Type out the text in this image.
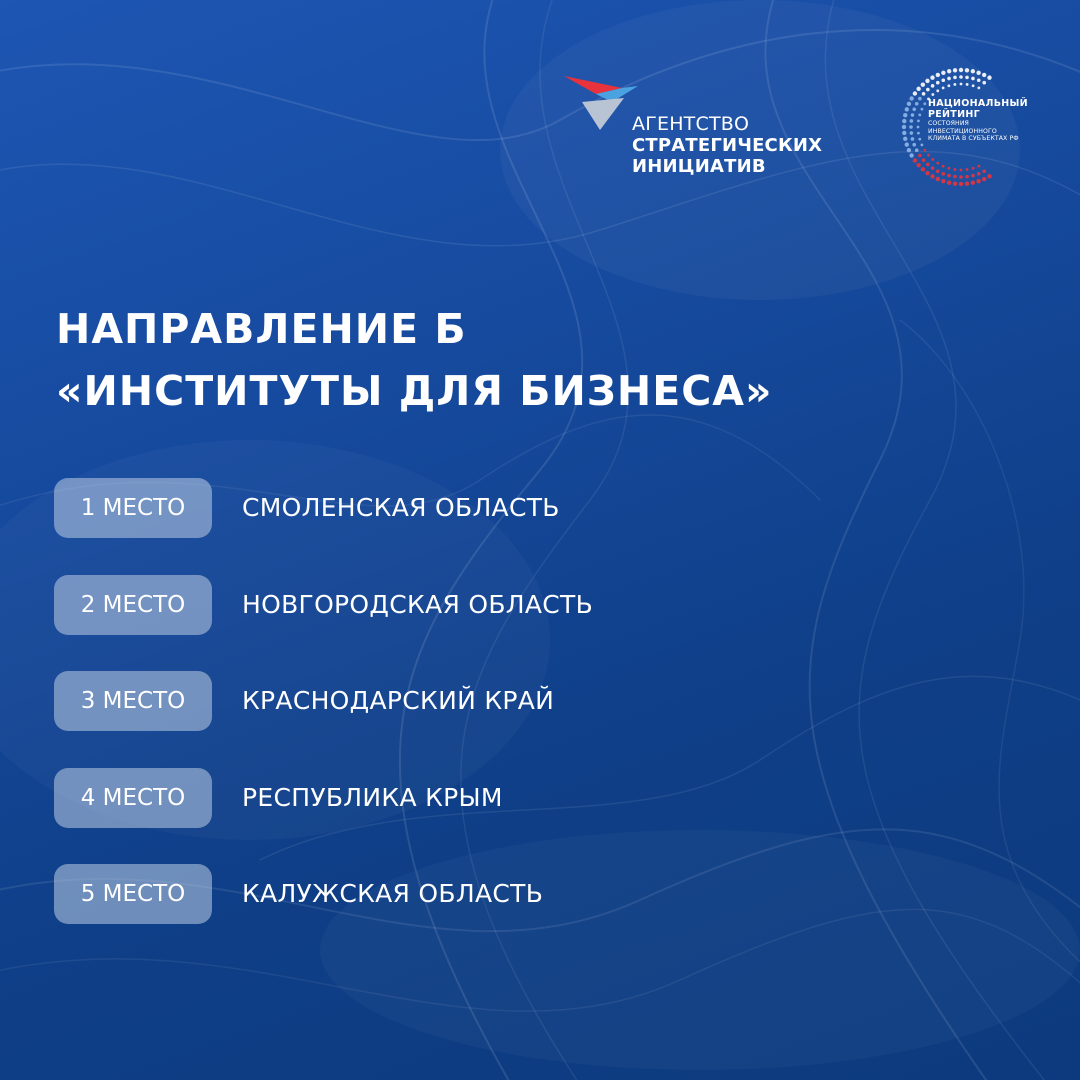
АГЕНТСТВО
СТРАТЕГИЧЕСКИХ
ИНИЦИАТИВ
НАЦИОНАЛЬНЫЙ
РЕЙТИНГ
СОСТОЯНИЯ
ИНВЕСТИЦИОННОГО
КЛИМАТА В СУБЪЕКТАХ РФ
НАПРАВЛЕНИЕ Б
«ИНСТИТУТЫ ДЛЯ БИЗНЕСА»
1 МЕСТО	СМОЛЕНСКАЯ ОБЛАСТЬ
2 МЕСТО	НОВГОРОДСКАЯ ОБЛАСТЬ
3 МЕСТО	КРАСНОДАРСКИЙ КРАЙ
4 МЕСТО	РЕСПУБЛИКА КРЫМ
5 МЕСТО	КАЛУЖСКАЯ ОБЛАСТЬ
